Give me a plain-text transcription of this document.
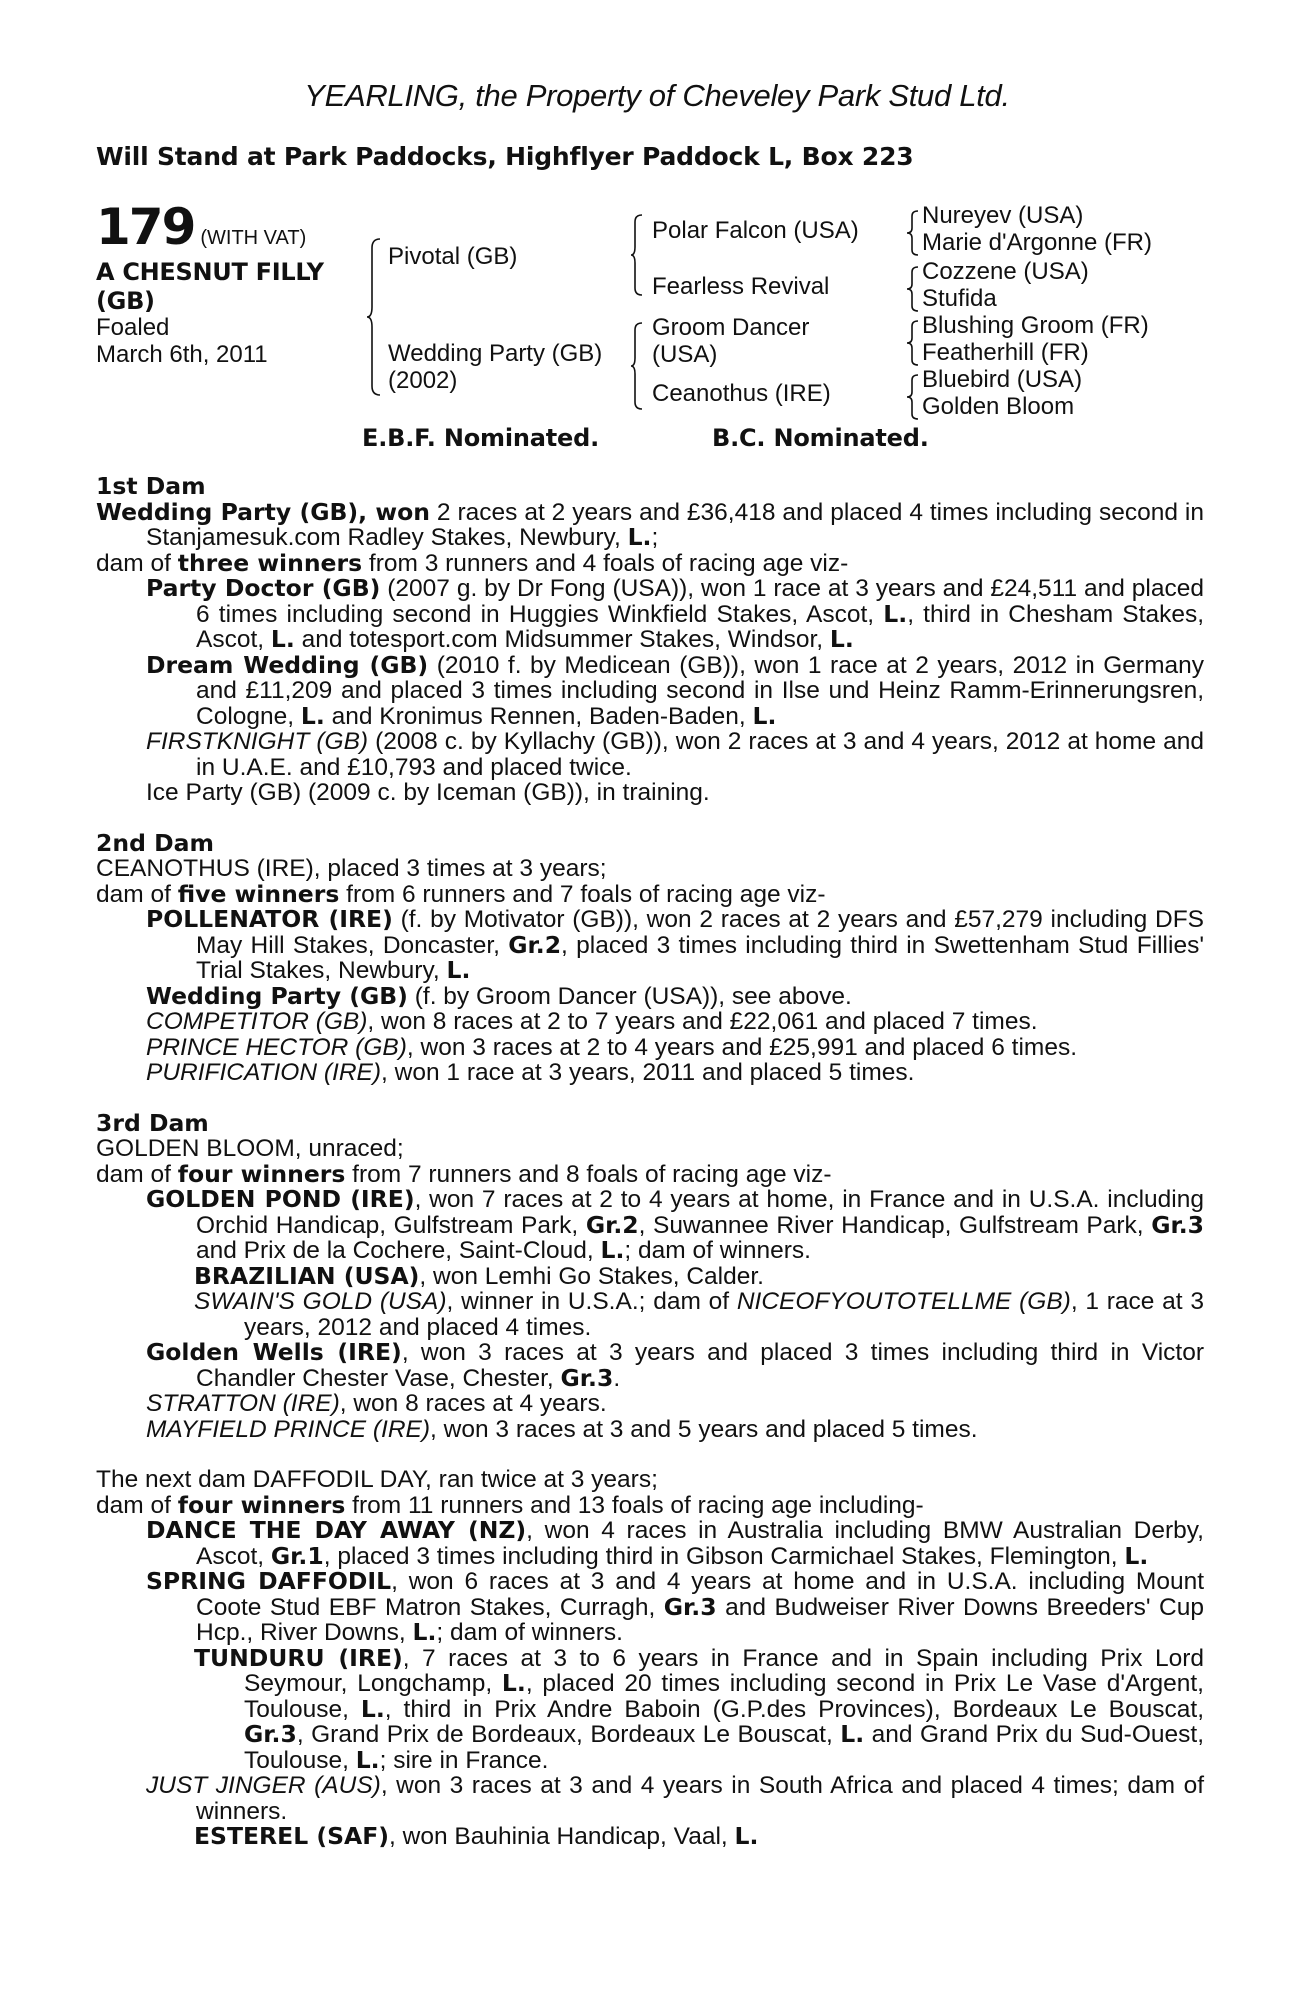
YEARLING, the Property of Cheveley Park Stud Ltd.
Will Stand at Park Paddocks, Highflyer Paddock L, Box 223
179 (WITH VAT)
A CHESNUT FILLY
(GB)
Foaled
March 6th, 2011
Pivotal (GB)
Wedding Party (GB)
(2002)
Polar Falcon (USA)
Fearless Revival
Groom Dancer
(USA)
Ceanothus (IRE)
Nureyev (USA)
Marie d'Argonne (FR)
Cozzene (USA)
Stufida
Blushing Groom (FR)
Featherhill (FR)
Bluebird (USA)
Golden Bloom
E.B.F. Nominated.	B.C. Nominated.
1st Dam
Wedding Party (GB), won 2 races at 2 years and £36,418 and placed 4 times including second in Stanjamesuk.com Radley Stakes, Newbury, L.;
dam of three winners from 3 runners and 4 foals of racing age viz-
Party Doctor (GB) (2007 g. by Dr Fong (USA)), won 1 race at 3 years and £24,511 and placed 6 times including second in Huggies Winkfield Stakes, Ascot, L., third in Chesham Stakes, Ascot, L. and totesport.com Midsummer Stakes, Windsor, L.
Dream Wedding (GB) (2010 f. by Medicean (GB)), won 1 race at 2 years, 2012 in Germany and £11,209 and placed 3 times including second in Ilse und Heinz Ramm-Erinnerungsren, Cologne, L. and Kronimus Rennen, Baden-Baden, L.
FIRSTKNIGHT (GB) (2008 c. by Kyllachy (GB)), won 2 races at 3 and 4 years, 2012 at home and in U.A.E. and £10,793 and placed twice.
Ice Party (GB) (2009 c. by Iceman (GB)), in training.
2nd Dam
CEANOTHUS (IRE), placed 3 times at 3 years;
dam of five winners from 6 runners and 7 foals of racing age viz-
POLLENATOR (IRE) (f. by Motivator (GB)), won 2 races at 2 years and £57,279 including DFS May Hill Stakes, Doncaster, Gr.2, placed 3 times including third in Swettenham Stud Fillies' Trial Stakes, Newbury, L.
Wedding Party (GB) (f. by Groom Dancer (USA)), see above.
COMPETITOR (GB), won 8 races at 2 to 7 years and £22,061 and placed 7 times.
PRINCE HECTOR (GB), won 3 races at 2 to 4 years and £25,991 and placed 6 times.
PURIFICATION (IRE), won 1 race at 3 years, 2011 and placed 5 times.
3rd Dam
GOLDEN BLOOM, unraced;
dam of four winners from 7 runners and 8 foals of racing age viz-
GOLDEN POND (IRE), won 7 races at 2 to 4 years at home, in France and in U.S.A. including Orchid Handicap, Gulfstream Park, Gr.2, Suwannee River Handicap, Gulfstream Park, Gr.3 and Prix de la Cochere, Saint-Cloud, L.; dam of winners.
BRAZILIAN (USA), won Lemhi Go Stakes, Calder.
SWAIN'S GOLD (USA), winner in U.S.A.; dam of NICEOFYOUTOTELLME (GB), 1 race at 3 years, 2012 and placed 4 times.
Golden Wells (IRE), won 3 races at 3 years and placed 3 times including third in Victor Chandler Chester Vase, Chester, Gr.3.
STRATTON (IRE), won 8 races at 4 years.
MAYFIELD PRINCE (IRE), won 3 races at 3 and 5 years and placed 5 times.
The next dam DAFFODIL DAY, ran twice at 3 years;
dam of four winners from 11 runners and 13 foals of racing age including-
DANCE THE DAY AWAY (NZ), won 4 races in Australia including BMW Australian Derby, Ascot, Gr.1, placed 3 times including third in Gibson Carmichael Stakes, Flemington, L.
SPRING DAFFODIL, won 6 races at 3 and 4 years at home and in U.S.A. including Mount Coote Stud EBF Matron Stakes, Curragh, Gr.3 and Budweiser River Downs Breeders' Cup Hcp., River Downs, L.; dam of winners.
TUNDURU (IRE), 7 races at 3 to 6 years in France and in Spain including Prix Lord Seymour, Longchamp, L., placed 20 times including second in Prix Le Vase d'Argent, Toulouse, L., third in Prix Andre Baboin (G.P.des Provinces), Bordeaux Le Bouscat, Gr.3, Grand Prix de Bordeaux, Bordeaux Le Bouscat, L. and Grand Prix du Sud-Ouest, Toulouse, L.; sire in France.
JUST JINGER (AUS), won 3 races at 3 and 4 years in South Africa and placed 4 times; dam of winners.
ESTEREL (SAF), won Bauhinia Handicap, Vaal, L.
